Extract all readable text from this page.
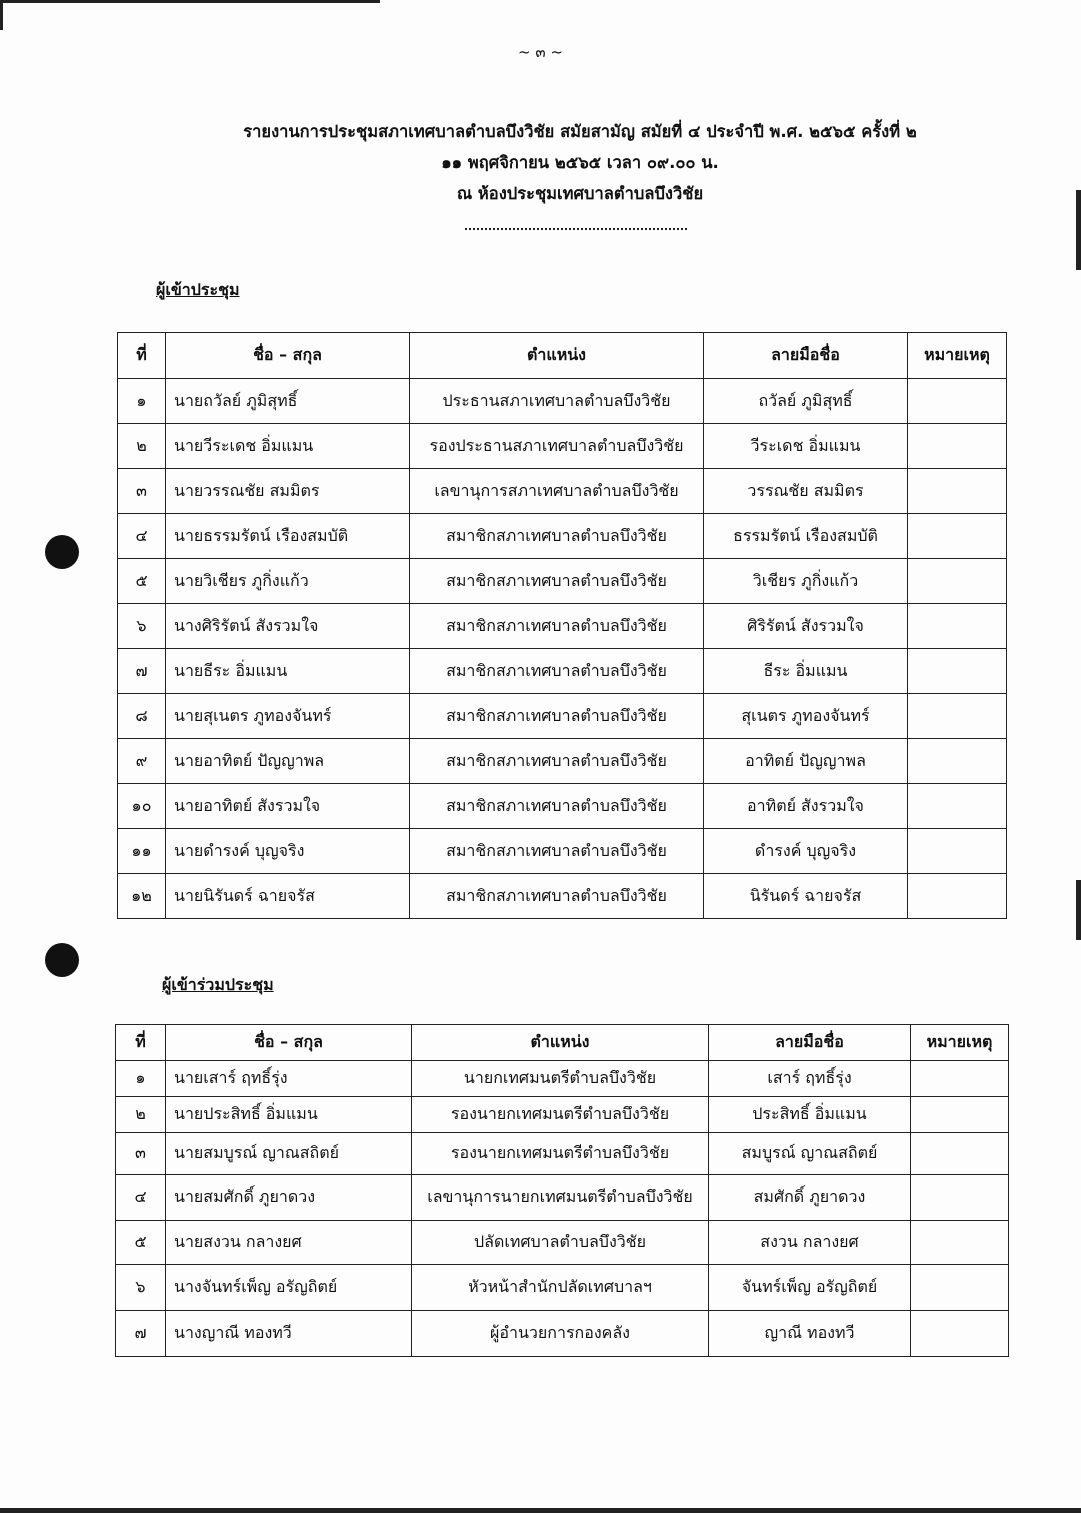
~ ๓ ~
รายงานการประชุมสภาเทศบาลตำบลบึงวิชัย สมัยสามัญ สมัยที่ ๔ ประจำปี พ.ศ. ๒๕๖๕ ครั้งที่ ๒
๑๑ พฤศจิกายน ๒๕๖๕ เวลา ๐๙.๐๐ น.
ณ ห้องประชุมเทศบาลตำบลบึงวิชัย
ผู้เข้าประชุม
ที่	ชื่อ – สกุล	ตำแหน่ง	ลายมือชื่อ	หมายเหตุ
๑	นายถวัลย์ ภูมิสุทธิ์	ประธานสภาเทศบาลตำบลบึงวิชัย	ถวัลย์ ภูมิสุทธิ์	
๒	นายวีระเดช อิ่มแมน	รองประธานสภาเทศบาลตำบลบึงวิชัย	วีระเดช อิ่มแมน	
๓	นายวรรณชัย สมมิตร	เลขานุการสภาเทศบาลตำบลบึงวิชัย	วรรณชัย สมมิตร	
๔	นายธรรมรัตน์ เรืองสมบัติ	สมาชิกสภาเทศบาลตำบลบึงวิชัย	ธรรมรัตน์ เรืองสมบัติ	
๕	นายวิเชียร ภูกิ่งแก้ว	สมาชิกสภาเทศบาลตำบลบึงวิชัย	วิเชียร ภูกิ่งแก้ว	
๖	นางศิริรัตน์ สังรวมใจ	สมาชิกสภาเทศบาลตำบลบึงวิชัย	ศิริรัตน์ สังรวมใจ	
๗	นายธีระ อิ่มแมน	สมาชิกสภาเทศบาลตำบลบึงวิชัย	ธีระ อิ่มแมน	
๘	นายสุเนตร ภูทองจันทร์	สมาชิกสภาเทศบาลตำบลบึงวิชัย	สุเนตร ภูทองจันทร์	
๙	นายอาทิตย์ ปัญญาพล	สมาชิกสภาเทศบาลตำบลบึงวิชัย	อาทิตย์ ปัญญาพล	
๑๐	นายอาทิตย์ สังรวมใจ	สมาชิกสภาเทศบาลตำบลบึงวิชัย	อาทิตย์ สังรวมใจ	
๑๑	นายดำรงค์ บุญจริง	สมาชิกสภาเทศบาลตำบลบึงวิชัย	ดำรงค์ บุญจริง	
๑๒	นายนิรันดร์ ฉายจรัส	สมาชิกสภาเทศบาลตำบลบึงวิชัย	นิรันดร์ ฉายจรัส	
ผู้เข้าร่วมประชุม
ที่	ชื่อ – สกุล	ตำแหน่ง	ลายมือชื่อ	หมายเหตุ
๑	นายเสาร์ ฤทธิ์รุ่ง	นายกเทศมนตรีตำบลบึงวิชัย	เสาร์ ฤทธิ์รุ่ง	
๒	นายประสิทธิ์ อิ่มแมน	รองนายกเทศมนตรีตำบลบึงวิชัย	ประสิทธิ์ อิ่มแมน	
๓	นายสมบูรณ์ ญาณสถิตย์	รองนายกเทศมนตรีตำบลบึงวิชัย	สมบูรณ์ ญาณสถิตย์	
๔	นายสมศักดิ์ ภูยาดวง	เลขานุการนายกเทศมนตรีตำบลบึงวิชัย	สมศักดิ์ ภูยาดวง	
๕	นายสงวน กลางยศ	ปลัดเทศบาลตำบลบึงวิชัย	สงวน กลางยศ	
๖	นางจันทร์เพ็ญ อรัญถิตย์	หัวหน้าสำนักปลัดเทศบาลฯ	จันทร์เพ็ญ อรัญถิตย์	
๗	นางญาณี ทองทวี	ผู้อำนวยการกองคลัง	ญาณี ทองทวี	
